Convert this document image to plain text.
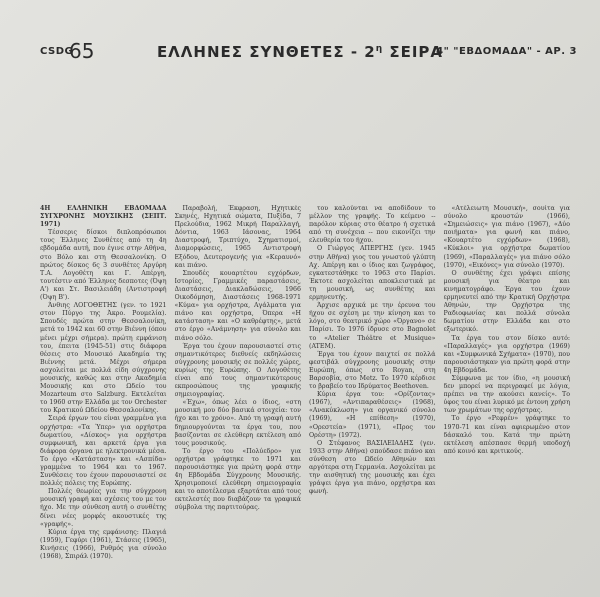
CSDG
65	ΕΛΛΗΝΕΣ ΣΥΝΘΕΤΕΣ - $2^\eta$ ΣΕΙΡΑ
4" "ΕΒΔΟΜΑΔΑ" - ΑΡ. 3

4Η ΕΛΛΗΝΙΚΗ ΕΒΔΟΜΑΔΑ ΣΥΓΧΡΟΝΗΣ ΜΟΥΣΙΚΗΣ (ΣΕΠΤ. 1971)

Τέσσερις δίσκοι διπλοπρόσωποι τους Έλληνες Συνθέτες από τη 4η εβδομάδα αυτή, που έγινε στην Αθήνα, στο Βόλο και στη Θεσσαλονίκη. Ο πρώτος δίσκος 6ς 3 συνθέτες Αργύρη Τ.Α. Λογοθέτη και Γ. Απέργη, τουτέστιν από Έλληνες δεσποτες (Όψη Α') και Στ. Βασιλειάδη (Αντιστροφή (Όψη Β').

Άνθιης ΛΟΓΟΘΕΤΗΣ (γεν. το 1921 στον Πύργο της Άκρο. Ρουμελία). Σπουδές πρώτα στην Θεσσαλονίκη, μετά το 1942 και 60 στην Βιέννη (όπου μένει μέχρι σήμερα). πρώτη εμφάνιση του, έπειτα (1945-51) στις διάφορα θέσεις στο Μουσικό Ακαδημία της Βιέννης μετά. Μέχρι σήμερα ασχολείται με πολλά είδη σύγχρονης μουσικής, καθώς και στην Ακαδημία Μουσικής και στο Ωδείο του Mozarteum στο Salzburg. Εκτελείται το 1960 στην Ελλάδα με τον Orchester του Κρατικού Ωδείου Θεσσαλονίκης.

Σειρά έργων του είναι γραμμένα για ορχήστρα: «Τα Ύπερ» για ορχήστρα δωματίου, «Δίσκος» για ορχήστρα συμφωνική, και αρκετά έργα για διάφορα όργανα με ηλεκτρονικά μέσα. Το έργο «Κατάσταση» και «Ασπίδα» γραμμένα το 1964 και το 1967. Συνθέσεις του έχουν παρουσιαστεί σε πολλές πόλεις της Ευρώπης.

Πολλές θεωρίες για την σύγχρονη μουσική γραφή και σχέσεις του με τον ήχο. Με την σύνθεση αυτή ο συνθέτης δίνει νέες μορφές ακουστικές της «γραφής».

Κύρια έργα της εμφάνισης: Πλαγιά (1959), Γεφύρι (1961), Στάσεις (1965), Κινήσεις (1966), Ρυθμός για σύνολο (1968), Σπιράλ (1970).

Παραβολή, Έκφραση, Ηχητικές Σκηνές, Ηχητικά σώματα, Πυξίδα, 7 Πρελούδια, 1962 Μικρή Παραλλαγή, Δόντια, 1963 Ιάσονας, 1964 Διαστροφή, Τριπτύχο, Σχηματισμοί, Διαμορφώσεις, 1965 Αντιστροφή Εξόδου, Δευτερογενής για «Κεραυνό» και πιάνο.

Σπουδές κουαρτέτου εγχόρδων, Ιστορίες, Γραμμικές παραστάσεις, Διαστάσεις, Διακλαδώσεις, 1966 Οικοδόμηση, Διαστάσεις 1968-1971 «Κύμα» για ορχήστρα, Αγάλματα για πιάνο και ορχήστρα, Όπερα «Η κατάσταση» και «Ο καθρέφτης», μετά στο έργο «Ανάμνηση» για σύνολο και πιάνο σόλο.

Έργα του έχουν παρουσιαστεί στις σημαντικότερες διεθνείς εκδηλώσεις σύγχρονης μουσικής σε πολλές χώρες, κυρίως της Ευρώπης. Ο Λογοθέτης είναι από τους σημαντικότερους εκπροσώπους της γραφικής σημειογραφίας.

«Έχω», όπως λέει ο ίδιος, «στη μουσική μου δύο βασικά στοιχεία: τον ήχο και το χρόνο». Από τη γραφή αυτή δημιουργούνται τα έργα του, που βασίζονται σε ελεύθερη εκτέλεση από τους μουσικούς.

Το έργο του «Πολύεδρο» για ορχήστρα γράφτηκε το 1971 και παρουσιάστηκε για πρώτη φορά στην 4η Εβδομάδα Σύγχρονης Μουσικής. Χρησιμοποιεί ελεύθερη σημειογραφία και το αποτέλεσμα εξαρτάται από τους εκτελεστές που διαβάζουν τα γραφικά σύμβολα της παρτιτούρας.

του καλούνται να αποδίδουν το μέλλον της γραφής. Το κείμενο -- παρόλον κύριας στο θέατρο ή σχετικά από τη συνέχεια -- που εικονίζει την ελευθερία του ήχου.

Ο Γιώργος ΑΠΕΡΓΗΣ (γεν. 1945 στην Αθήνα) γιος του γνωστού γλύπτη Αχ. Απέργη και ο ίδιος και ζωγράφος, εγκατεστάθηκε το 1963 στο Παρίσι. Έκτοτε ασχολείται αποκλειστικά με τη μουσική, ως συνθέτης και ερμηνευτής.

Άρχισε αρχικά με την έρευνα του ήχου σε σχέση με την κίνηση και το λόγο, στο θεατρικό χώρο «Όργανο» σε Παρίσι. Το 1976 ίδρυσε στο Bagnolet το «Atelier Théâtre et Musique» (ATEM).

Έργα του έχουν παιχτεί σε πολλά φεστιβάλ σύγχρονης μουσικής στην Ευρώπη, όπως στο Royan, στη Βαρσοβία, στο Metz. Το 1970 κέρδισε το βραβείο του Ιδρύματος Beethoven.

Κύρια έργα του: «Ορίζοντας» (1967), «Αντιπαραθέσεις» (1968), «Ανακύκλωση» για οργανικό σύνολο (1969), «Η επίθεση» (1970), «Ορεστεία» (1971), «Προς τον Ορέστη» (1972).

Ο Στέφανος ΒΑΣΙΛΕΙΑΔΗΣ (γεν. 1933 στην Αθήνα) σπούδασε πιάνο και σύνθεση στο Ωδείο Αθηνών και αργότερα στη Γερμανία. Ασχολείται με την αισθητική της μουσικής και έχει γράψει έργα για πιάνο, ορχήστρα και φωνή.

«Ατέλειωτη Μουσική», σουίτα για σύνολο κρουστών (1966), «Σημειώσεις» για πιάνο (1967), «Δύο ποιήματα» για φωνή και πιάνο, «Κουαρτέτο εγχόρδων» (1968), «Κύκλοι» για ορχήστρα δωματίου (1969), «Παραλλαγές» για πιάνο σόλο (1970), «Εικόνες» για σύνολο (1970).

Ο συνθέτης έχει γράψει επίσης μουσική για θέατρο και κινηματογράφο. Έργα του έχουν ερμηνευτεί από την Κρατική Ορχήστρα Αθηνών, την Ορχήστρα της Ραδιοφωνίας και πολλά σύνολα δωματίου στην Ελλάδα και στο εξωτερικό.

Τα έργα του στον δίσκο αυτό: «Παραλλαγές» για ορχήστρα (1969) και «Συμφωνικά Σχήματα» (1970), που παρουσιάστηκαν για πρώτη φορά στην 4η Εβδομάδα.

Σύμφωνα με τον ίδιο, «η μουσική δεν μπορεί να περιγραφεί με λόγια, πρέπει να την ακούσει κανείς». Το ύφος του είναι λυρικό με έντονη χρήση των χρωμάτων της ορχήστρας.

Το έργο «Ρεφρέν» γράφτηκε το 1970-71 και είναι αφιερωμένο στον δάσκαλό του. Κατά την πρώτη εκτέλεση απέσπασε θερμή υποδοχή από κοινό και κριτικούς.
